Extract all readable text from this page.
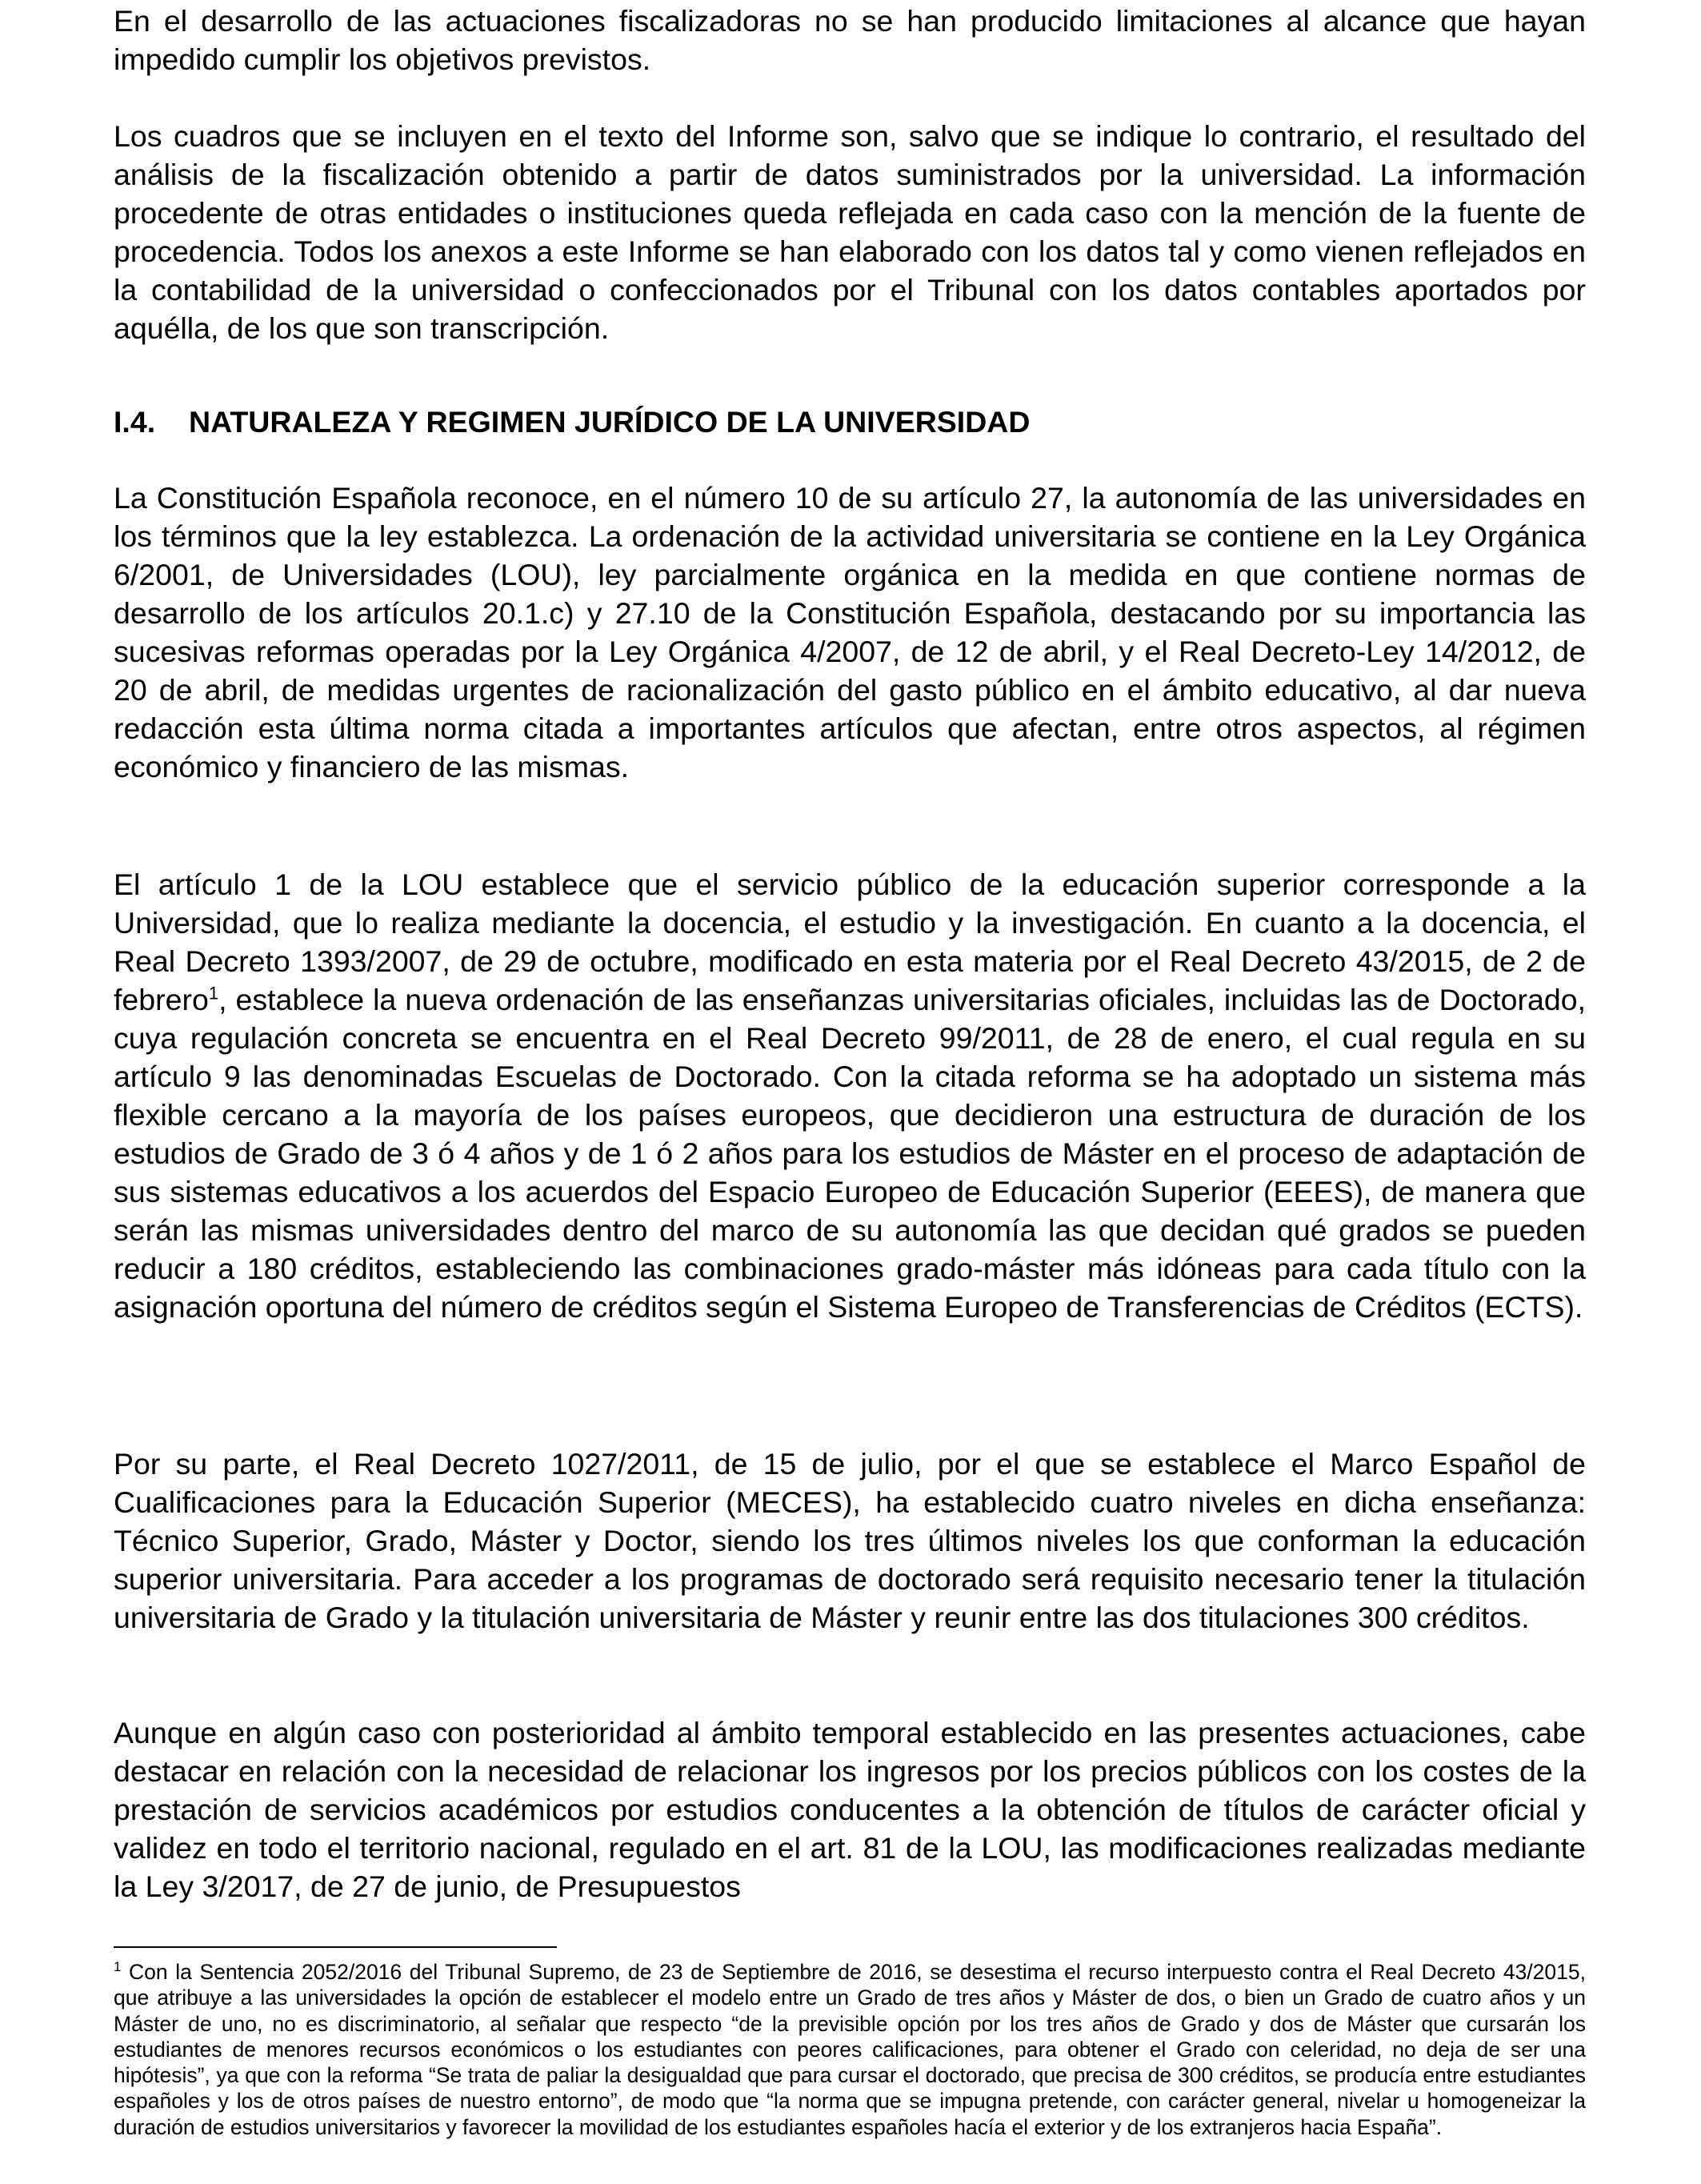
En el desarrollo de las actuaciones fiscalizadoras no se han producido limitaciones al alcance que hayan impedido cumplir los objetivos previstos.

Los cuadros que se incluyen en el texto del Informe son, salvo que se indique lo contrario, el resultado del análisis de la fiscalización obtenido a partir de datos suministrados por la universidad. La información procedente de otras entidades o instituciones queda reflejada en cada caso con la mención de la fuente de procedencia. Todos los anexos a este Informe se han elaborado con los datos tal y como vienen reflejados en la contabilidad de la universidad o confeccionados por el Tribunal con los datos contables aportados por aquélla, de los que son transcripción.

I.4. NATURALEZA Y REGIMEN JURÍDICO DE LA UNIVERSIDAD

La Constitución Española reconoce, en el número 10 de su artículo 27, la autonomía de las universidades en los términos que la ley establezca. La ordenación de la actividad universitaria se contiene en la Ley Orgánica 6/2001, de Universidades (LOU), ley parcialmente orgánica en la medida en que contiene normas de desarrollo de los artículos 20.1.c) y 27.10 de la Constitución Española, destacando por su importancia las sucesivas reformas operadas por la Ley Orgánica 4/2007, de 12 de abril, y el Real Decreto-Ley 14/2012, de 20 de abril, de medidas urgentes de racionalización del gasto público en el ámbito educativo, al dar nueva redacción esta última norma citada a importantes artículos que afectan, entre otros aspectos, al régimen económico y financiero de las mismas.

El artículo 1 de la LOU establece que el servicio público de la educación superior corresponde a la Universidad, que lo realiza mediante la docencia, el estudio y la investigación. En cuanto a la docencia, el Real Decreto 1393/2007, de 29 de octubre, modificado en esta materia por el Real Decreto 43/2015, de 2 de febrero$^1$, establece la nueva ordenación de las enseñanzas universitarias oficiales, incluidas las de Doctorado, cuya regulación concreta se encuentra en el Real Decreto 99/2011, de 28 de enero, el cual regula en su artículo 9 las denominadas Escuelas de Doctorado. Con la citada reforma se ha adoptado un sistema más flexible cercano a la mayoría de los países europeos, que decidieron una estructura de duración de los estudios de Grado de 3 ó 4 años y de 1 ó 2 años para los estudios de Máster en el proceso de adaptación de sus sistemas educativos a los acuerdos del Espacio Europeo de Educación Superior (EEES), de manera que serán las mismas universidades dentro del marco de su autonomía las que decidan qué grados se pueden reducir a 180 créditos, estableciendo las combinaciones grado-máster más idóneas para cada título con la asignación oportuna del número de créditos según el Sistema Europeo de Transferencias de Créditos (ECTS).

Por su parte, el Real Decreto 1027/2011, de 15 de julio, por el que se establece el Marco Español de Cualificaciones para la Educación Superior (MECES), ha establecido cuatro niveles en dicha enseñanza: Técnico Superior, Grado, Máster y Doctor, siendo los tres últimos niveles los que conforman la educación superior universitaria. Para acceder a los programas de doctorado será requisito necesario tener la titulación universitaria de Grado y la titulación universitaria de Máster y reunir entre las dos titulaciones 300 créditos.

Aunque en algún caso con posterioridad al ámbito temporal establecido en las presentes actuaciones, cabe destacar en relación con la necesidad de relacionar los ingresos por los precios públicos con los costes de la prestación de servicios académicos por estudios conducentes a la obtención de títulos de carácter oficial y validez en todo el territorio nacional, regulado en el art. 81 de la LOU, las modificaciones realizadas mediante la Ley 3/2017, de 27 de junio, de Presupuestos

$^1$ Con la Sentencia 2052/2016 del Tribunal Supremo, de 23 de Septiembre de 2016, se desestima el recurso interpuesto contra el Real Decreto 43/2015, que atribuye a las universidades la opción de establecer el modelo entre un Grado de tres años y Máster de dos, o bien un Grado de cuatro años y un Máster de uno, no es discriminatorio, al señalar que respecto “de la previsible opción por los tres años de Grado y dos de Máster que cursarán los estudiantes de menores recursos económicos o los estudiantes con peores calificaciones, para obtener el Grado con celeridad, no deja de ser una hipótesis”, ya que con la reforma “Se trata de paliar la desigualdad que para cursar el doctorado, que precisa de 300 créditos, se producía entre estudiantes españoles y los de otros países de nuestro entorno”, de modo que “la norma que se impugna pretende, con carácter general, nivelar u homogeneizar la duración de estudios universitarios y favorecer la movilidad de los estudiantes españoles hacía el exterior y de los extranjeros hacia España”.
